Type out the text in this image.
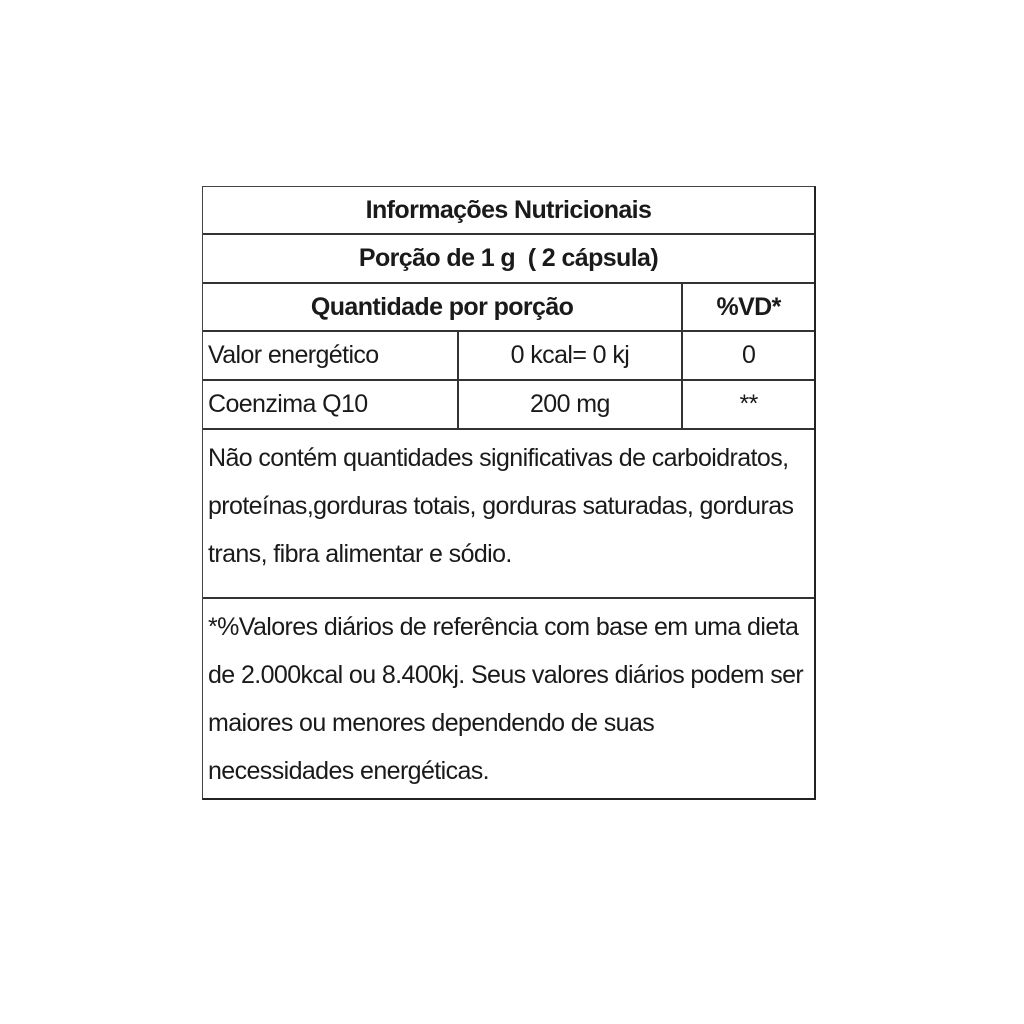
Informações Nutricionais
Porção de 1 g  ( 2 cápsula)
Quantidade por porção	%VD*
Valor energético	0 kcal= 0 kj	0
Coenzima Q10	200 mg	**
Não contém quantidades significativas de carboidratos, proteínas,gorduras totais, gorduras saturadas, gorduras trans, fibra alimentar e sódio.
*%Valores diários de referência com base em uma dieta de 2.000kcal ou 8.400kj. Seus valores diários podem ser maiores ou menores dependendo de suas necessidades energéticas.
